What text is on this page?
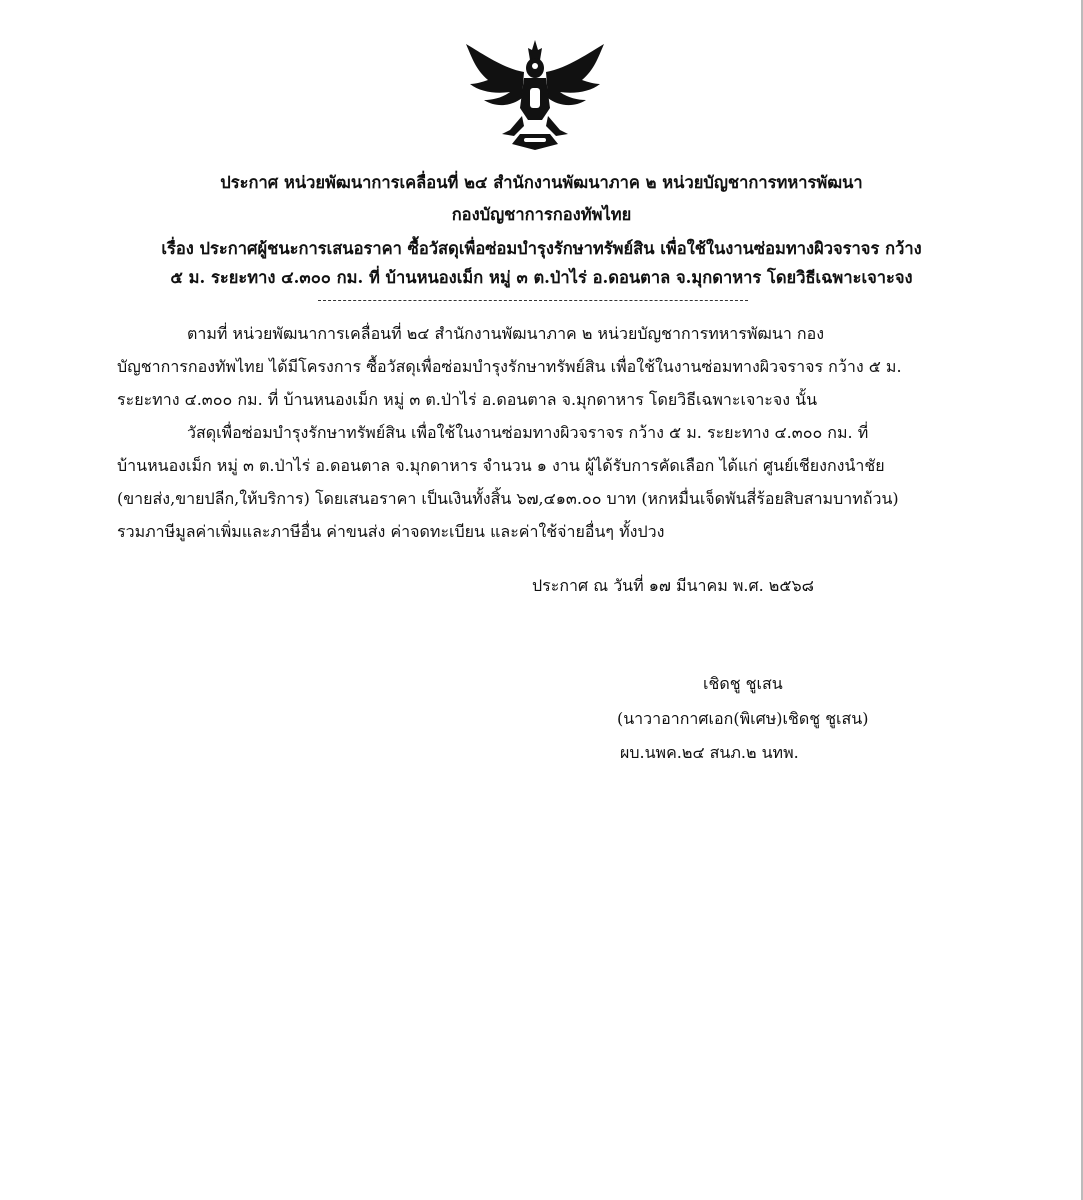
ประกาศ หน่วยพัฒนาการเคลื่อนที่ ๒๔ สำนักงานพัฒนาภาค ๒ หน่วยบัญชาการทหารพัฒนา
กองบัญชาการกองทัพไทย
เรื่อง ประกาศผู้ชนะการเสนอราคา ซื้อวัสดุเพื่อซ่อมบำรุงรักษาทรัพย์สิน เพื่อใช้ในงานซ่อมทางผิวจราจร กว้าง
๕ ม. ระยะทาง ๔.๓๐๐ กม. ที่ บ้านหนองเม็ก หมู่ ๓ ต.ป่าไร่ อ.ดอนตาล จ.มุกดาหาร โดยวิธีเฉพาะเจาะจง
ตามที่ หน่วยพัฒนาการเคลื่อนที่ ๒๔ สำนักงานพัฒนาภาค ๒ หน่วยบัญชาการทหารพัฒนา กอง
บัญชาการกองทัพไทย ได้มีโครงการ ซื้อวัสดุเพื่อซ่อมบำรุงรักษาทรัพย์สิน เพื่อใช้ในงานซ่อมทางผิวจราจร กว้าง ๕ ม.
ระยะทาง ๔.๓๐๐ กม. ที่ บ้านหนองเม็ก หมู่ ๓ ต.ป่าไร่ อ.ดอนตาล จ.มุกดาหาร โดยวิธีเฉพาะเจาะจง นั้น
วัสดุเพื่อซ่อมบำรุงรักษาทรัพย์สิน เพื่อใช้ในงานซ่อมทางผิวจราจร กว้าง ๕ ม. ระยะทาง ๔.๓๐๐ กม. ที่
บ้านหนองเม็ก หมู่ ๓ ต.ป่าไร่ อ.ดอนตาล จ.มุกดาหาร จำนวน ๑ งาน ผู้ได้รับการคัดเลือก ได้แก่ ศูนย์เชียงกงนำชัย
(ขายส่ง,ขายปลีก,ให้บริการ) โดยเสนอราคา เป็นเงินทั้งสิ้น ๖๗,๔๑๓.๐๐ บาท (หกหมื่นเจ็ดพันสี่ร้อยสิบสามบาทถ้วน)
รวมภาษีมูลค่าเพิ่มและภาษีอื่น ค่าขนส่ง ค่าจดทะเบียน และค่าใช้จ่ายอื่นๆ ทั้งปวง
ประกาศ ณ วันที่ ๑๗ มีนาคม พ.ศ. ๒๕๖๘
เชิดชู ชูเสน
(นาวาอากาศเอก(พิเศษ)เชิดชู ชูเสน)
ผบ.นพค.๒๔ สนภ.๒ นทพ.
